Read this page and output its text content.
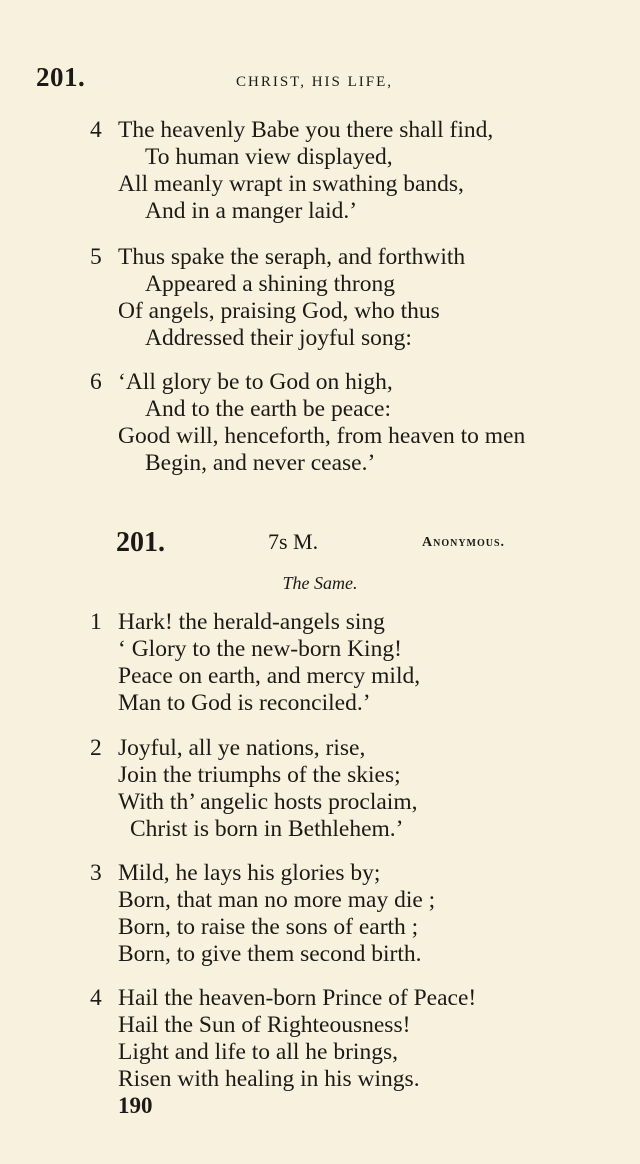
201.	CHRIST, HIS LIFE,
4 The heavenly Babe you there shall find,
To human view displayed,
All meanly wrapt in swathing bands,
And in a manger laid.’
5 Thus spake the seraph, and forthwith
Appeared a shining throng
Of angels, praising God, who thus
Addressed their joyful song:
6 ‘All glory be to God on high,
And to the earth be peace:
Good will, henceforth, from heaven to men
Begin, and never cease.’
201.	7s M.	Anonymous.
The Same.
1 Hark! the herald-angels sing
‘ Glory to the new-born King!
Peace on earth, and mercy mild,
Man to God is reconciled.’
2 Joyful, all ye nations, rise,
Join the triumphs of the skies;
With th’ angelic hosts proclaim,
Christ is born in Bethlehem.’
3 Mild, he lays his glories by;
Born, that man no more may die ;
Born, to raise the sons of earth ;
Born, to give them second birth.
4 Hail the heaven-born Prince of Peace!
Hail the Sun of Righteousness!
Light and life to all he brings,
Risen with healing in his wings.
190
